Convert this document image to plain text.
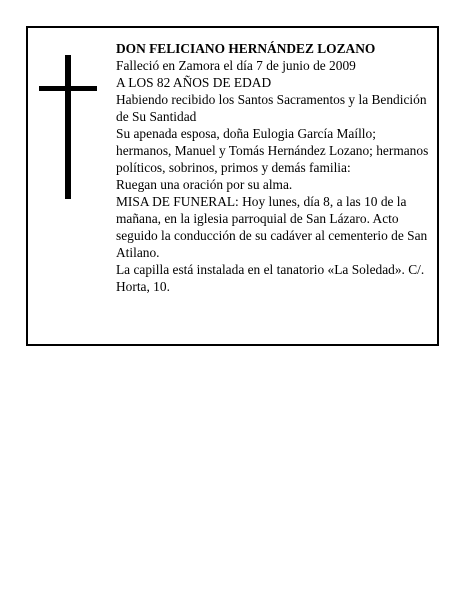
DON FELICIANO HERNÁNDEZ LOZANO

Falleció en Zamora el día 7 de junio de 2009

A LOS 82 AÑOS DE EDAD

Habiendo recibido los Santos Sacramentos y la Bendición de Su Santidad

Su apenada esposa, doña Eulogia García Maíllo; hermanos, Manuel y Tomás Hernández Lozano; hermanos políticos, sobrinos, primos y demás familia:

Ruegan una oración por su alma.

MISA DE FUNERAL: Hoy lunes, día 8, a las 10 de la mañana, en la iglesia parroquial de San Lázaro. Acto seguido la conducción de su cadáver al cementerio de San Atilano.

La capilla está instalada en el tanatorio «La Soledad». C/. Horta, 10.
